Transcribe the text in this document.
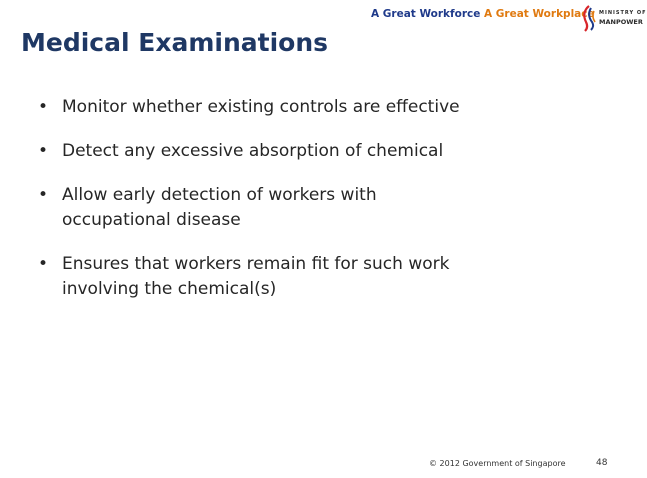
A Great Workforce A Great Workplace MINISTRY OF
MANPOWER
Medical Examinations
• Monitor whether existing controls are effective
• Detect any excessive absorption of chemical
• Allow early detection of workers with
occupational disease
• Ensures that workers remain fit for such work
involving the chemical(s)
© 2012 Government of Singapore	48
